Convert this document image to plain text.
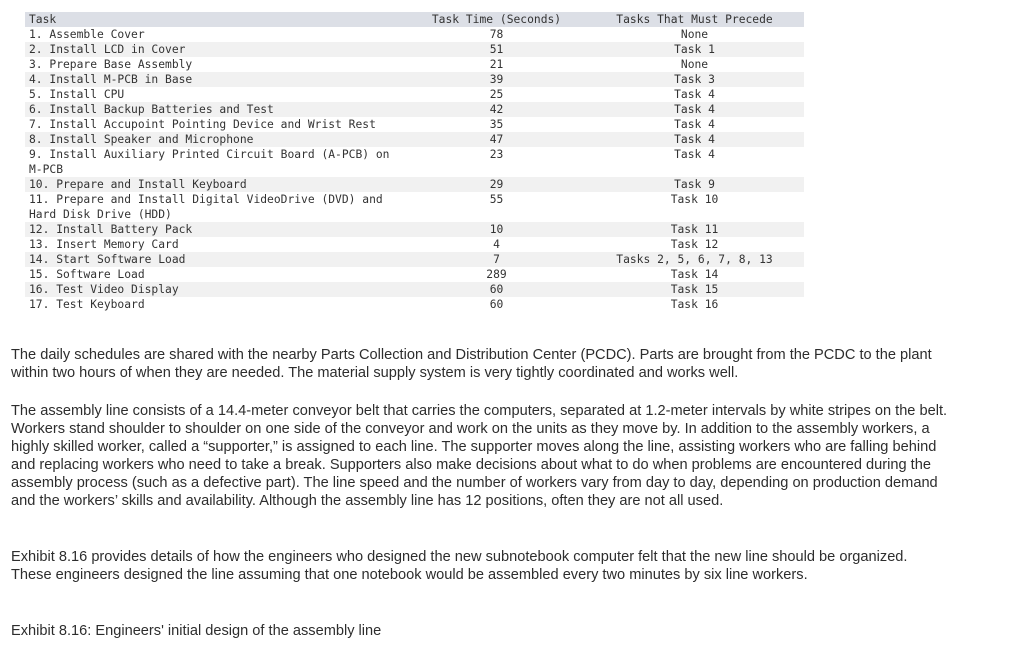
Task	Task Time (Seconds)	Tasks That Must Precede
1. Assemble Cover	78	None
2. Install LCD in Cover	51	Task 1
3. Prepare Base Assembly	21	None
4. Install M-PCB in Base	39	Task 3
5. Install CPU	25	Task 4
6. Install Backup Batteries and Test	42	Task 4
7. Install Accupoint Pointing Device and Wrist Rest	35	Task 4
8. Install Speaker and Microphone	47	Task 4
9. Install Auxiliary Printed Circuit Board (A-PCB) on M-PCB	23	Task 4
10. Prepare and Install Keyboard	29	Task 9
11. Prepare and Install Digital VideoDrive (DVD) and Hard Disk Drive (HDD)	55	Task 10
12. Install Battery Pack	10	Task 11
13. Insert Memory Card	4	Task 12
14. Start Software Load	7	Tasks 2, 5, 6, 7, 8, 13
15. Software Load	289	Task 14
16. Test Video Display	60	Task 15
17. Test Keyboard	60	Task 16

The daily schedules are shared with the nearby Parts Collection and Distribution Center (PCDC). Parts are brought from the PCDC to the plant within two hours of when they are needed. The material supply system is very tightly coordinated and works well.

The assembly line consists of a 14.4-meter conveyor belt that carries the computers, separated at 1.2-meter intervals by white stripes on the belt. Workers stand shoulder to shoulder on one side of the conveyor and work on the units as they move by. In addition to the assembly workers, a highly skilled worker, called a “supporter,” is assigned to each line. The supporter moves along the line, assisting workers who are falling behind and replacing workers who need to take a break. Supporters also make decisions about what to do when problems are encountered during the assembly process (such as a defective part). The line speed and the number of workers vary from day to day, depending on production demand and the workers’ skills and availability. Although the assembly line has 12 positions, often they are not all used.

Exhibit 8.16 provides details of how the engineers who designed the new subnotebook computer felt that the new line should be organized. These engineers designed the line assuming that one notebook would be assembled every two minutes by six line workers.

Exhibit 8.16: Engineers' initial design of the assembly line
